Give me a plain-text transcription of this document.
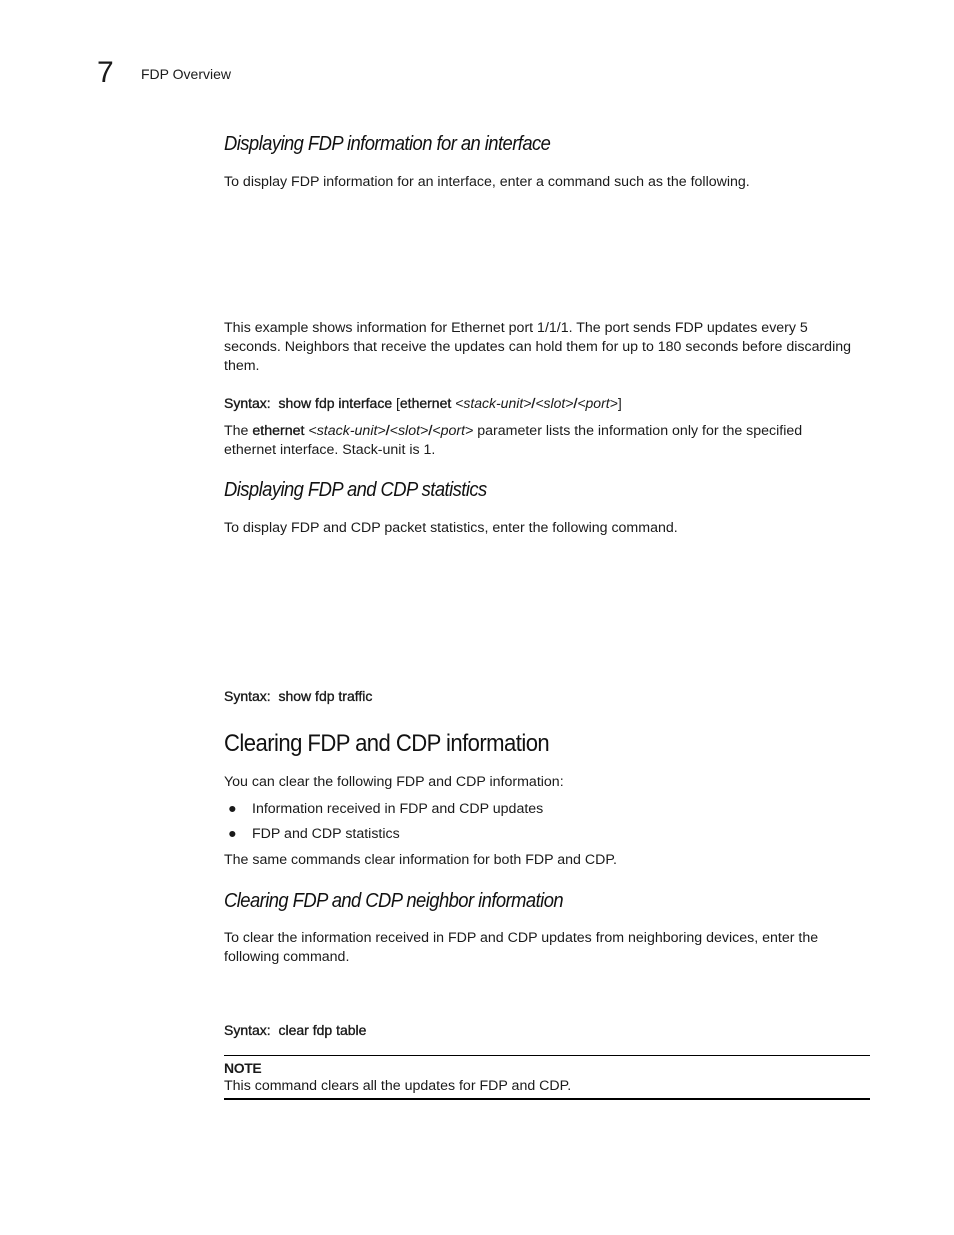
7 FDP Overview
Displaying FDP information for an interface
To display FDP information for an interface, enter a command such as the following.
This example shows information for Ethernet port 1/1/1. The port sends FDP updates every 5 seconds. Neighbors that receive the updates can hold them for up to 180 seconds before discarding them.
Syntax: show fdp interface [ethernet <stack-unit>/<slot>/<port>]
The ethernet <stack-unit>/<slot>/<port> parameter lists the information only for the specified ethernet interface. Stack-unit is 1.
Displaying FDP and CDP statistics
To display FDP and CDP packet statistics, enter the following command.
Syntax: show fdp traffic
Clearing FDP and CDP information
You can clear the following FDP and CDP information:
● Information received in FDP and CDP updates
● FDP and CDP statistics
The same commands clear information for both FDP and CDP.
Clearing FDP and CDP neighbor information
To clear the information received in FDP and CDP updates from neighboring devices, enter the following command.
Syntax: clear fdp table
NOTE
This command clears all the updates for FDP and CDP.
